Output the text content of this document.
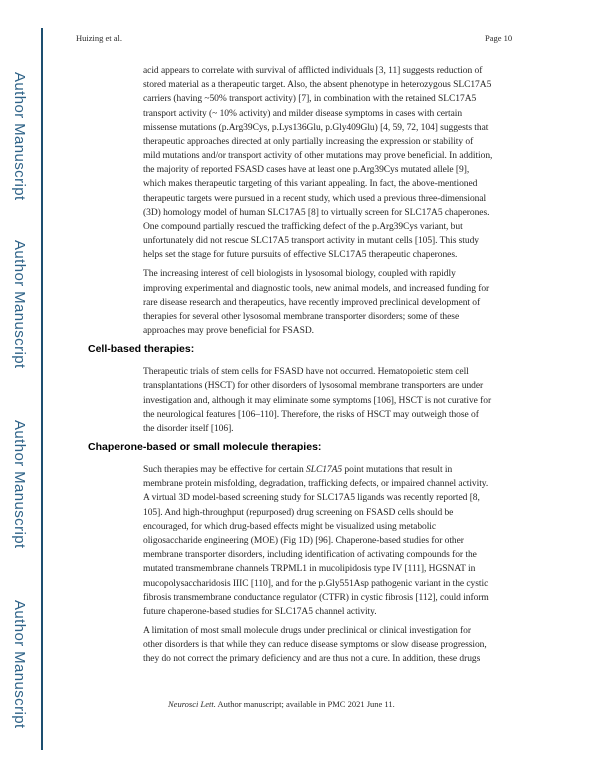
Author Manuscript
Author Manuscript
Author Manuscript
Author Manuscript
Huizing et al.	Page 10
acid appears to correlate with survival of afflicted individuals [3, 11] suggests reduction of
stored material as a therapeutic target. Also, the absent phenotype in heterozygous SLC17A5
carriers (having ~50% transport activity) [7], in combination with the retained SLC17A5
transport activity (~ 10% activity) and milder disease symptoms in cases with certain
missense mutations (p.Arg39Cys, p.Lys136Glu, p.Gly409Glu) [4, 59, 72, 104] suggests that
therapeutic approaches directed at only partially increasing the expression or stability of
mild mutations and/or transport activity of other mutations may prove beneficial. In addition,
the majority of reported FSASD cases have at least one p.Arg39Cys mutated allele [9],
which makes therapeutic targeting of this variant appealing. In fact, the above-mentioned
therapeutic targets were pursued in a recent study, which used a previous three-dimensional
(3D) homology model of human SLC17A5 [8] to virtually screen for SLC17A5 chaperones.
One compound partially rescued the trafficking defect of the p.Arg39Cys variant, but
unfortunately did not rescue SLC17A5 transport activity in mutant cells [105]. This study
helps set the stage for future pursuits of effective SLC17A5 therapeutic chaperones.
The increasing interest of cell biologists in lysosomal biology, coupled with rapidly
improving experimental and diagnostic tools, new animal models, and increased funding for
rare disease research and therapeutics, have recently improved preclinical development of
therapies for several other lysosomal membrane transporter disorders; some of these
approaches may prove beneficial for FSASD.
Cell-based therapies:
Therapeutic trials of stem cells for FSASD have not occurred. Hematopoietic stem cell
transplantations (HSCT) for other disorders of lysosomal membrane transporters are under
investigation and, although it may eliminate some symptoms [106], HSCT is not curative for
the neurological features [106–110]. Therefore, the risks of HSCT may outweigh those of
the disorder itself [106].
Chaperone-based or small molecule therapies:
Such therapies may be effective for certain SLC17A5 point mutations that result in
membrane protein misfolding, degradation, trafficking defects, or impaired channel activity.
A virtual 3D model-based screening study for SLC17A5 ligands was recently reported [8,
105]. And high-throughput (repurposed) drug screening on FSASD cells should be
encouraged, for which drug-based effects might be visualized using metabolic
oligosaccharide engineering (MOE) (Fig 1D) [96]. Chaperone-based studies for other
membrane transporter disorders, including identification of activating compounds for the
mutated transmembrane channels TRPML1 in mucolipidosis type IV [111], HGSNAT in
mucopolysaccharidosis IIIC [110], and for the p.Gly551Asp pathogenic variant in the cystic
fibrosis transmembrane conductance regulator (CTFR) in cystic fibrosis [112], could inform
future chaperone-based studies for SLC17A5 channel activity.
A limitation of most small molecule drugs under preclinical or clinical investigation for
other disorders is that while they can reduce disease symptoms or slow disease progression,
they do not correct the primary deficiency and are thus not a cure. In addition, these drugs
Neurosci Lett. Author manuscript; available in PMC 2021 June 11.
